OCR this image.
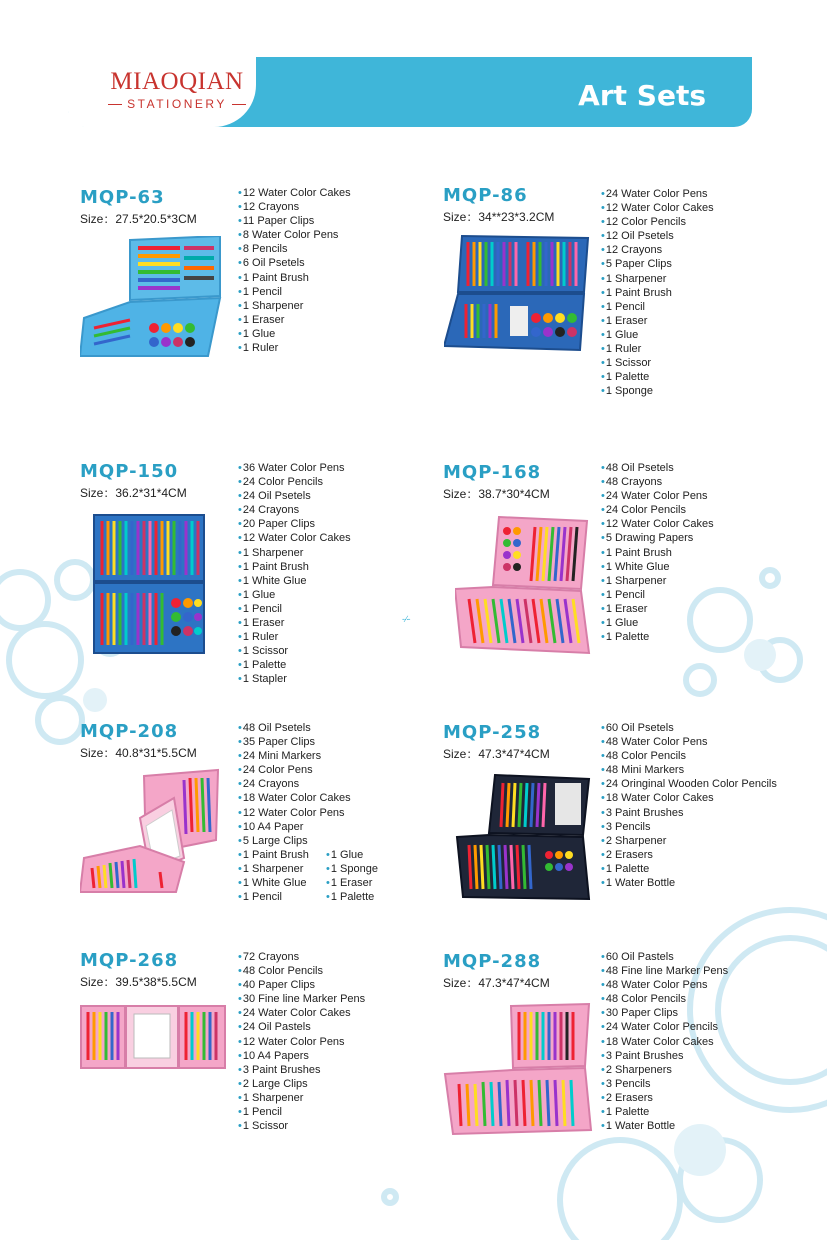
MIAOQIAN
STATIONERY	Art Sets
-∙∕∙-
MQP-63
Size：27.5*20.5*3CM
• 12 Water Color Cakes
• 12 Crayons
• 11 Paper Clips
• 8 Water Color Pens
• 8 Pencils
• 6 Oil Psetels
• 1 Paint Brush
• 1 Pencil
• 1 Sharpener
• 1 Eraser
• 1 Glue
• 1 Ruler
MQP-86
Size：34**23*3.2CM
• 24 Water Color Pens
• 12 Water Color Cakes
• 12 Color Pencils
• 12 Oil Psetels
• 12 Crayons
• 5 Paper Clips
• 1 Sharpener
• 1 Paint Brush
• 1 Pencil
• 1 Eraser
• 1 Glue
• 1 Ruler
• 1 Scissor
• 1 Palette
• 1 Sponge
MQP-150
Size：36.2*31*4CM
• 36 Water Color Pens
• 24 Color Pencils
• 24 Oil Psetels
• 24 Crayons
• 20 Paper Clips
• 12 Water Color Cakes
• 1 Sharpener
• 1 Paint Brush
• 1 White Glue
• 1 Glue
• 1 Pencil
• 1 Eraser
• 1 Ruler
• 1 Scissor
• 1 Palette
• 1 Stapler
MQP-168
Size：38.7*30*4CM
• 48 Oil Psetels
• 48 Crayons
• 24 Water Color Pens
• 24 Color Pencils
• 12 Water Color Cakes
• 5 Drawing Papers
• 1 Paint Brush
• 1 White Glue
• 1 Sharpener
• 1 Pencil
• 1 Eraser
• 1 Glue
• 1 Palette
MQP-208
Size：40.8*31*5.5CM
• 48 Oil Psetels
• 35 Paper Clips
• 24 Mini Markers
• 24 Color Pens
• 24 Crayons
• 18 Water Color Cakes
• 12 Water Color Pens
• 10 A4 Paper
• 5 Large Clips
• 1 Paint Brush
• 1 Sharpener
• 1 White Glue
• 1 Pencil
• 1 Glue
• 1 Sponge
• 1 Eraser
• 1 Palette
MQP-258
Size：47.3*47*4CM
• 60 Oil Psetels
• 48 Water Color Pens
• 48 Color Pencils
• 48 Mini Markers
• 24 Oringinal Wooden Color Pencils
• 18 Water Color Cakes
• 3 Paint Brushes
• 3 Pencils
• 2 Sharpener
• 2 Erasers
• 1 Palette
• 1 Water Bottle
MQP-268
Size：39.5*38*5.5CM
• 72 Crayons
• 48 Color Pencils
• 40 Paper Clips
• 30 Fine line Marker Pens
• 24 Water Color Cakes
• 24 Oil Pastels
• 12 Water Color Pens
• 10 A4 Papers
• 3 Paint Brushes
• 2 Large Clips
• 1 Sharpener
• 1 Pencil
• 1 Scissor
MQP-288
Size：47.3*47*4CM
• 60 Oil Pastels
• 48 Fine line Marker Pens
• 48 Water Color Pens
• 48 Color Pencils
• 30 Paper Clips
• 24 Water Color Pencils
• 18 Water Color Cakes
• 3 Paint Brushes
• 2 Sharpeners
• 3 Pencils
• 2 Erasers
• 1 Palette
• 1 Water Bottle
